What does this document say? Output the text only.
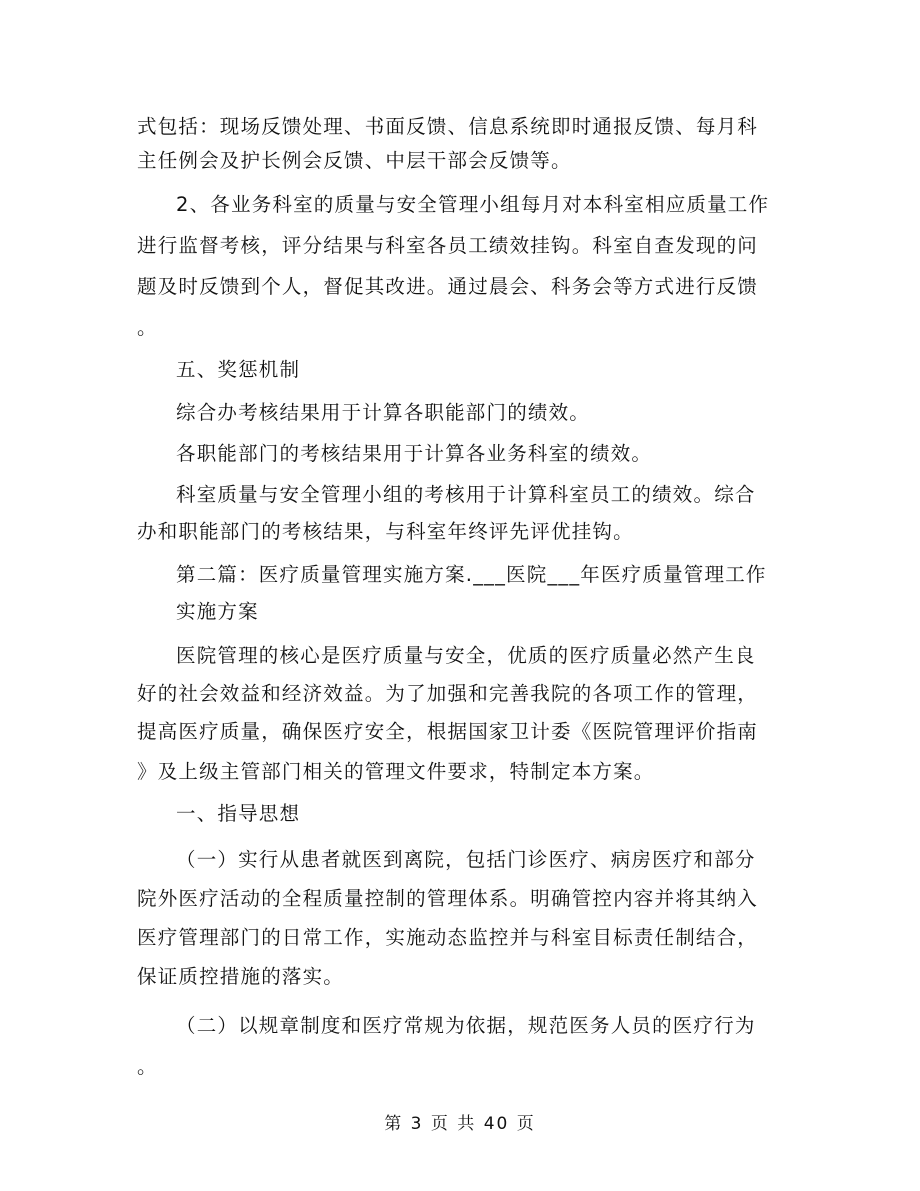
式包括：现场反馈处理、书面反馈、信息系统即时通报反馈、每月科
主任例会及护长例会反馈、中层干部会反馈等。
2、各业务科室的质量与安全管理小组每月对本科室相应质量工作
进行监督考核，评分结果与科室各员工绩效挂钩。科室自查发现的问
题及时反馈到个人，督促其改进。通过晨会、科务会等方式进行反馈
。
五、奖惩机制
综合办考核结果用于计算各职能部门的绩效。
各职能部门的考核结果用于计算各业务科室的绩效。
科室质量与安全管理小组的考核用于计算科室员工的绩效。综合
办和职能部门的考核结果，与科室年终评先评优挂钩。
第二篇：医疗质量管理实施方案.___医院___年医疗质量管理工作
实施方案
医院管理的核心是医疗质量与安全，优质的医疗质量必然产生良
好的社会效益和经济效益。为了加强和完善我院的各项工作的管理，
提高医疗质量，确保医疗安全，根据国家卫计委《医院管理评价指南
》及上级主管部门相关的管理文件要求，特制定本方案。
一、指导思想
（一）实行从患者就医到离院，包括门诊医疗、病房医疗和部分
院外医疗活动的全程质量控制的管理体系。明确管控内容并将其纳入
医疗管理部门的日常工作，实施动态监控并与科室目标责任制结合，
保证质控措施的落实。
（二）以规章制度和医疗常规为依据，规范医务人员的医疗行为
。
第 3 页 共 40 页
